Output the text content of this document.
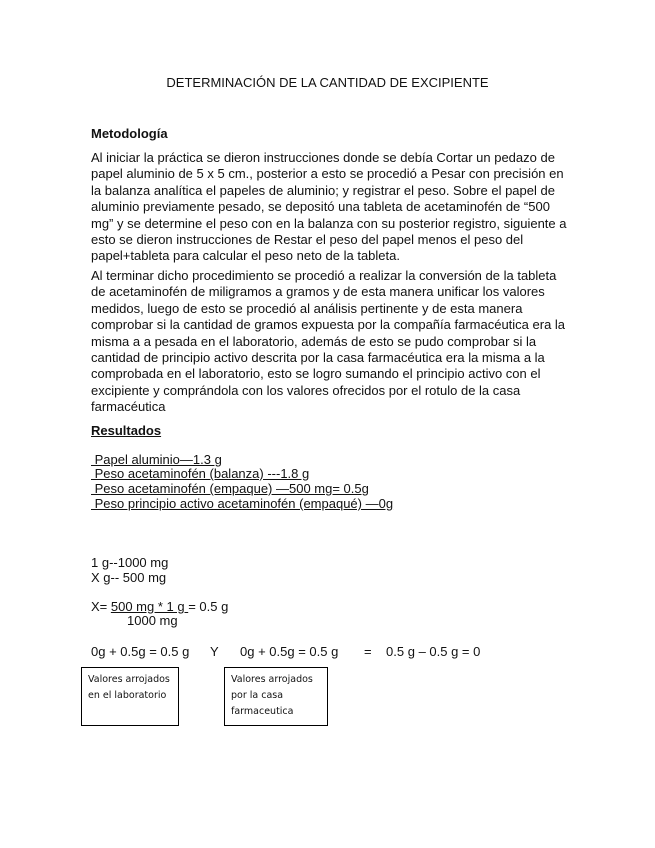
DETERMINACIÓN DE LA CANTIDAD DE EXCIPIENTE
Metodología

Al iniciar la práctica se dieron instrucciones donde se debía Cortar un pedazo de papel aluminio de 5 x 5 cm., posterior a esto se procedió a Pesar con precisión en la balanza analítica el papeles de aluminio; y registrar el peso. Sobre el papel de aluminio previamente pesado, se depositó una tableta de acetaminofén de “500 mg” y se determine el peso con en la balanza con su posterior registro, siguiente a esto se dieron instrucciones de Restar el peso del papel menos el peso del papel+tableta para calcular el peso neto de la tableta.

Al terminar dicho procedimiento se procedió a realizar la conversión de la tableta de acetaminofén de miligramos a gramos y de esta manera unificar los valores medidos, luego de esto se procedió al análisis pertinente y de esta manera comprobar si la cantidad de gramos expuesta por la compañía farmacéutica era la misma a a pesada en el laboratorio, además de esto se pudo comprobar si la cantidad de principio activo descrita por la casa farmacéutica era la misma a la comprobada en el laboratorio, esto se logro sumando el principio activo con el excipiente y comprándola con los valores ofrecidos por el rotulo de la casa farmacéutica

Resultados
Papel aluminio—1.3 g
Peso acetaminofén (balanza) ---1.8 g
Peso acetaminofén (empaque) —500 mg= 0.5g
Peso principio activo acetaminofén (empaqué) —0g
1 g--1000 mg
X g-- 500 mg
X= 500 mg * 1 g = 0.5 g
1000 mg
0g + 0.5g = 0.5 g Y 0g + 0.5g = 0.5 g =    0.5 g – 0.5 g = 0
Valores arrojados en el laboratorio
Valores arrojados por la casa farmaceutica
